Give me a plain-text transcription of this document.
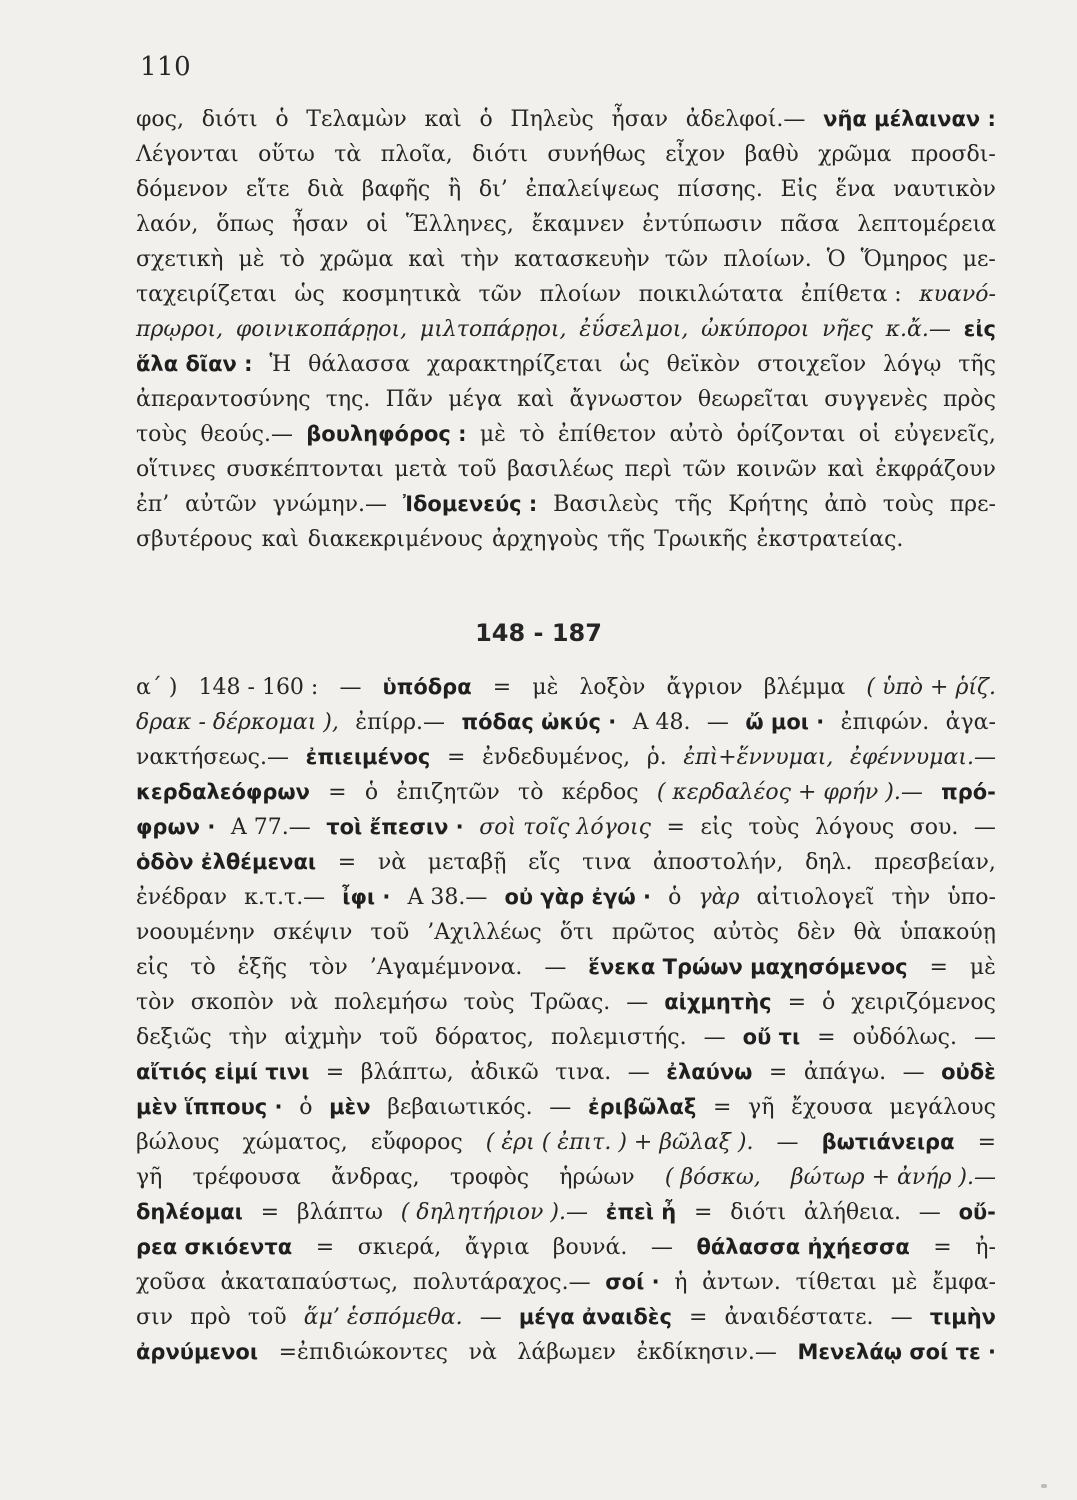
110
φος, διότι ὁ Τελαμὼν καὶ ὁ Πηλεὺς ἦσαν ἀδελφοί.— νῆα μέλαιναν :
Λέγονται οὕτω τὰ πλοῖα, διότι συνήθως εἶχον βαθὺ χρῶμα προσδι-
δόμενον εἴτε διὰ βαφῆς ἢ δι’ ἐπαλείψεως πίσσης. Εἰς ἕνα ναυτικὸν
λαόν, ὅπως ἦσαν οἱ Ἕλληνες, ἔκαμνεν ἐντύπωσιν πᾶσα λεπτομέρεια
σχετικὴ μὲ τὸ χρῶμα καὶ τὴν κατασκευὴν τῶν πλοίων. Ὁ Ὅμηρος με-
ταχειρίζεται ὡς κοσμητικὰ τῶν πλοίων ποικιλώτατα ἐπίθετα : κυανό-
πρῳροι, φοινικοπάρῃοι, μιλτοπάρῃοι, ἐΰσελμοι, ὠκύποροι νῆες κ.ἄ.— εἰς
ἅλα δῖαν : Ἡ θάλασσα χαρακτηρίζεται ὡς θεϊκὸν στοιχεῖον λόγῳ τῆς
ἀπεραντοσύνης της. Πᾶν μέγα καὶ ἄγνωστον θεωρεῖται συγγενὲς πρὸς
τοὺς θεούς.— βουληφόρος : μὲ τὸ ἐπίθετον αὐτὸ ὁρίζονται οἱ εὐγενεῖς,
οἵτινες συσκέπτονται μετὰ τοῦ βασιλέως περὶ τῶν κοινῶν καὶ ἐκφράζουν
ἐπ’ αὐτῶν γνώμην.— Ἰδομενεύς : Βασιλεὺς τῆς Κρήτης ἀπὸ τοὺς πρε-
σβυτέρους καὶ διακεκριμένους ἀρχηγοὺς τῆς Τρωικῆς ἐκστρατείας.
148 - 187
α΄ ) 148 - 160 : — ὑπόδρα = μὲ λοξὸν ἄγριον βλέμμα ( ὑπὸ + ῥίζ.
δρακ - δέρκομαι ), ἐπίρρ.— πόδας ὠκύς · Α 48. — ὤ μοι · ἐπιφών. ἀγα-
νακτήσεως.— ἐπιειμένος = ἐνδεδυμένος, ῥ. ἐπὶ+ἕννυμαι, ἐφέννυμαι.—
κερδαλεόφρων = ὁ ἐπιζητῶν τὸ κέρδος ( κερδαλέος + φρήν ).— πρό-
φρων · Α 77.— τοὶ ἔπεσιν · σοὶ τοῖς λόγοις = εἰς τοὺς λόγους σου. —
ὁδὸν ἐλθέμεναι = νὰ μεταβῇ εἴς τινα ἀποστολήν, δηλ. πρεσβείαν,
ἐνέδραν κ.τ.τ.— ἶφι · Α 38.— οὐ γὰρ ἐγώ · ὁ γὰρ αἰτιολογεῖ τὴν ὑπο-
νοουμένην σκέψιν τοῦ ’Αχιλλέως ὅτι πρῶτος αὐτὸς δὲν θὰ ὑπακούῃ
εἰς τὸ ἑξῆς τὸν ’Αγαμέμνονα. — ἕνεκα Τρώων μαχησόμενος = μὲ
τὸν σκοπὸν νὰ πολεμήσω τοὺς Τρῶας. — αἰχμητὴς = ὁ χειριζόμενος
δεξιῶς τὴν αἰχμὴν τοῦ δόρατος, πολεμιστής. — οὔ τι = οὐδόλως. —
αἴτιός εἰμί τινι = βλάπτω, ἀδικῶ τινα. — ἐλαύνω = ἀπάγω. — οὐδὲ
μὲν ἵππους · ὁ μὲν βεβαιωτικός. — ἐριβῶλαξ = γῆ ἔχουσα μεγάλους
βώλους χώματος, εὔφορος ( ἐρι ( ἐπιτ. ) + βῶλαξ ). — βωτιάνειρα =
γῆ τρέφουσα ἄνδρας, τροφὸς ἡρώων ( βόσκω, βώτωρ + ἀνήρ ).—
δηλέομαι = βλάπτω ( δηλητήριον ).— ἐπεὶ ἦ = διότι ἀλήθεια. — οὔ-
ρεα σκιόεντα = σκιερά, ἄγρια βουνά. — θάλασσα ἠχήεσσα = ἠ-
χοῦσα ἀκαταπαύστως, πολυτάραχος.— σοί · ἡ ἀντων. τίθεται μὲ ἔμφα-
σιν πρὸ τοῦ ἅμ’ ἑσπόμεθα. — μέγα ἀναιδὲς = ἀναιδέστατε. — τιμὴν
ἀρνύμενοι =ἐπιδιώκοντες νὰ λάβωμεν ἐκδίκησιν.— Μενελάῳ σοί τε ·
